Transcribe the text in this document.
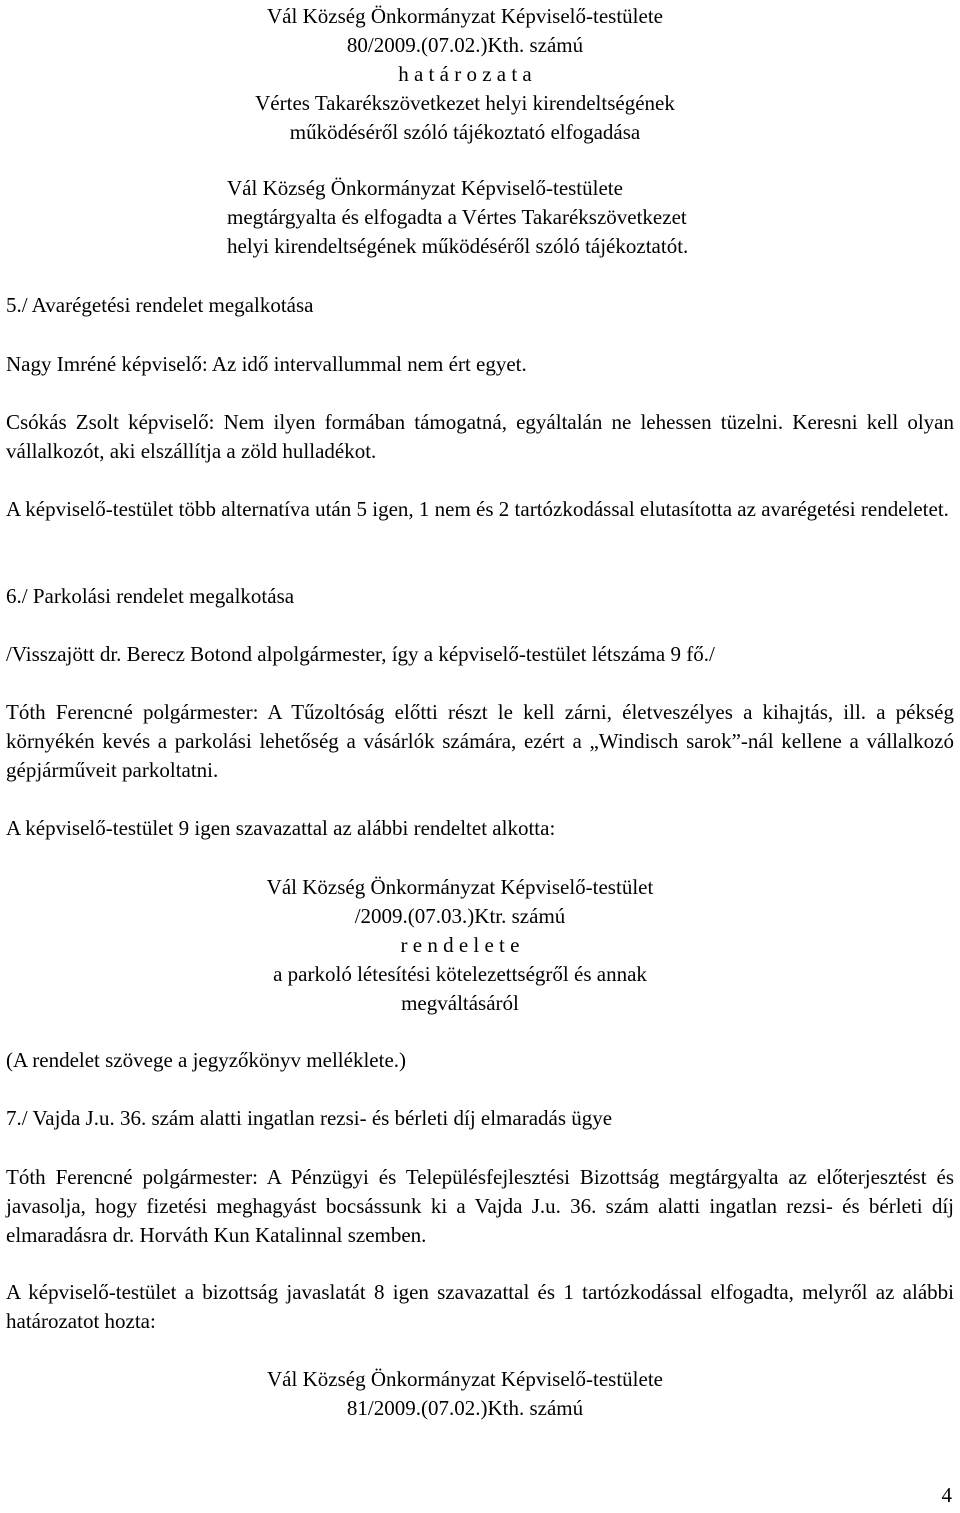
Vál Község Önkormányzat Képviselő-testülete
80/2009.(07.02.)Kth. számú
h a t á r o z a t a
Vértes Takarékszövetkezet helyi kirendeltségének
működéséről szóló tájékoztató elfogadása
Vál Község Önkormányzat Képviselő-testülete
megtárgyalta és elfogadta a Vértes Takarékszövetkezet
helyi kirendeltségének működéséről szóló tájékoztatót.
5./ Avarégetési rendelet megalkotása

Nagy Imréné képviselő: Az idő intervallummal nem ért egyet.

Csókás Zsolt képviselő: Nem ilyen formában támogatná, egyáltalán ne lehessen tüzelni. Keresni kell olyan vállalkozót, aki elszállítja a zöld hulladékot.

A képviselő-testület több alternatíva után 5 igen, 1 nem és 2 tartózkodással elutasította az avarégetési rendeletet.

6./ Parkolási rendelet megalkotása

/Visszajött dr. Berecz Botond alpolgármester, így a képviselő-testület létszáma 9 fő./

Tóth Ferencné polgármester: A Tűzoltóság előtti részt le kell zárni, életveszélyes a kihajtás, ill. a pékség környékén kevés a parkolási lehetőség a vásárlók számára, ezért a „Windisch sarok”-nál kellene a vállalkozó gépjárműveit parkoltatni.

A képviselő-testület 9 igen szavazattal az alábbi rendeltet alkotta:

Vál Község Önkormányzat Képviselő-testület
/2009.(07.03.)Ktr. számú
r e n d e l e t e
a parkoló létesítési kötelezettségről és annak
megváltásáról

(A rendelet szövege a jegyzőkönyv melléklete.)

7./ Vajda J.u. 36. szám alatti ingatlan rezsi- és bérleti díj elmaradás ügye

Tóth Ferencné polgármester: A Pénzügyi és Településfejlesztési Bizottság megtárgyalta az előterjesztést és javasolja, hogy fizetési meghagyást bocsássunk ki a Vajda J.u. 36. szám alatti ingatlan rezsi- és bérleti díj elmaradásra dr. Horváth Kun Katalinnal szemben.

A képviselő-testület a bizottság javaslatát 8 igen szavazattal és 1 tartózkodással elfogadta, melyről az alábbi határozatot hozta:

Vál Község Önkormányzat Képviselő-testülete
81/2009.(07.02.)Kth. számú
4
